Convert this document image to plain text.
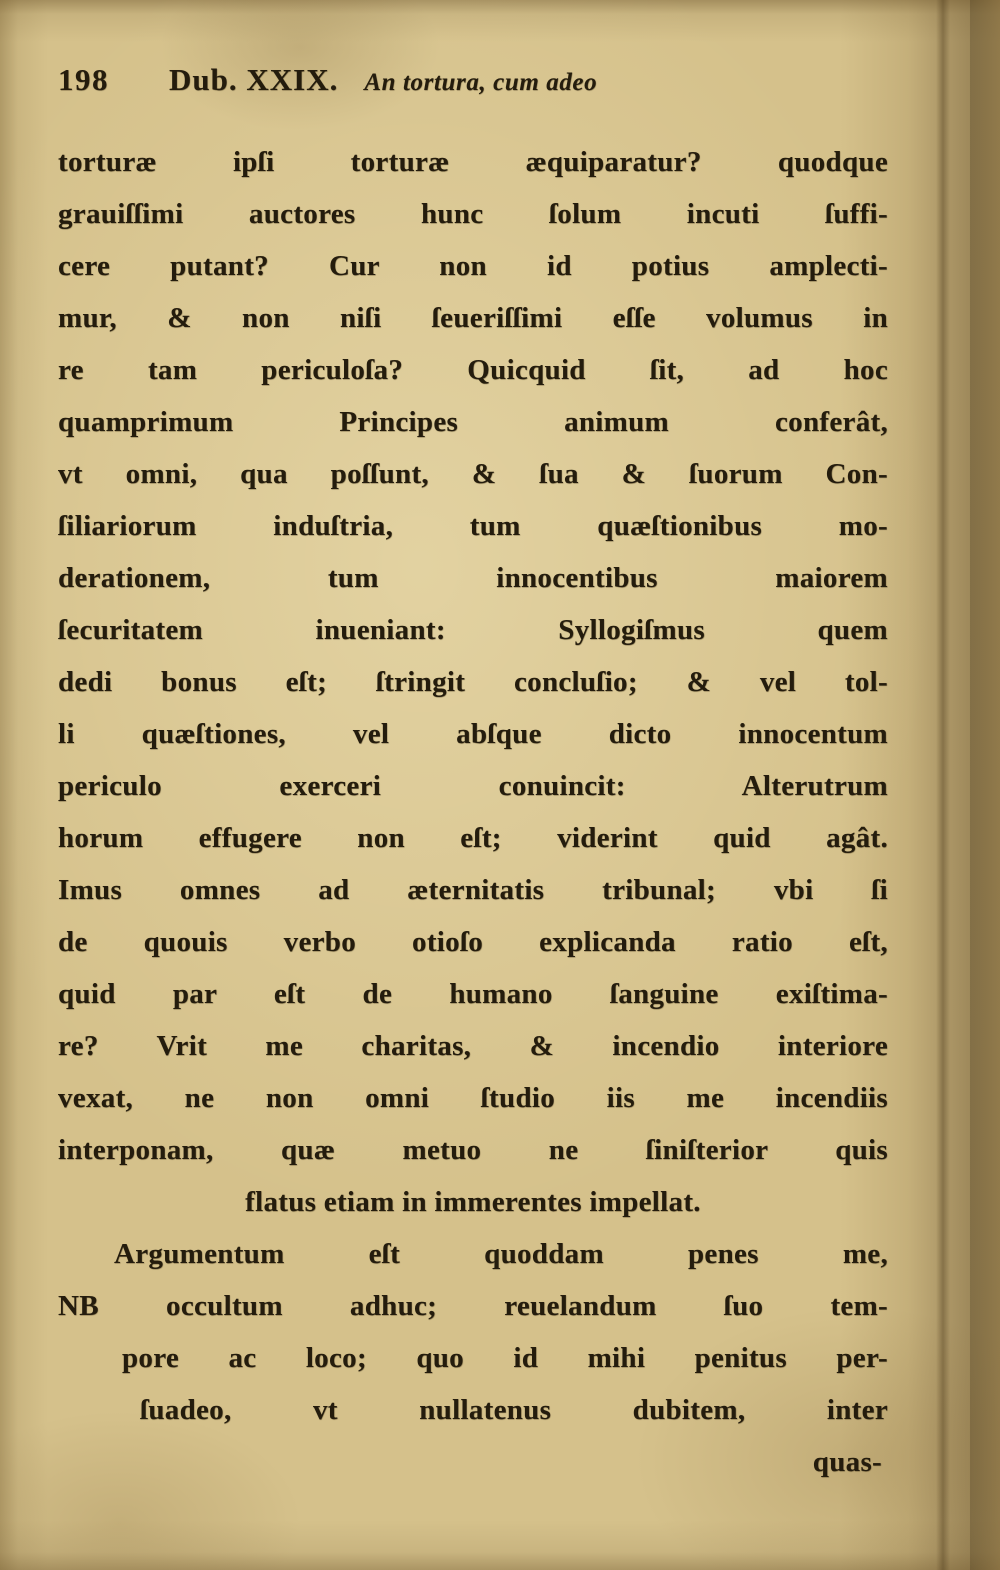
198 Dub. XXIX. An tortura, cum adeo
torturæ ipſi torturæ æquiparatur? quodque
grauiſſimi auctores hunc ſolum incuti ſuffi-
cere putant? Cur non id potius amplecti-
mur, & non niſi ſeueriſſimi eſſe volumus in
re tam periculoſa? Quicquid ſit, ad hoc
quamprimum Principes animum conferât,
vt omni, qua poſſunt, & ſua & ſuorum Con-
ſiliariorum induſtria, tum quæſtionibus mo-
derationem, tum innocentibus maiorem
ſecuritatem inueniant: Syllogiſmus quem
dedi bonus eſt; ſtringit concluſio; & vel tol-
li quæſtiones, vel abſque dicto innocentum
periculo exerceri conuincit: Alterutrum
horum effugere non eſt; viderint quid agât.
Imus omnes ad æternitatis tribunal; vbi ſi
de quouis verbo otioſo explicanda ratio eſt,
quid par eſt de humano ſanguine exiſtima-
re? Vrit me charitas, & incendio interiore
vexat, ne non omni ſtudio iis me incendiis
interponam, quæ metuo ne ſiniſterior quis
flatus etiam in immerentes impellat.
Argumentum eſt quoddam penes me,
NB occultum adhuc; reuelandum ſuo tem-
pore ac loco; quo id mihi penitus per-
ſuadeo, vt nullatenus dubitem, inter
quas-
